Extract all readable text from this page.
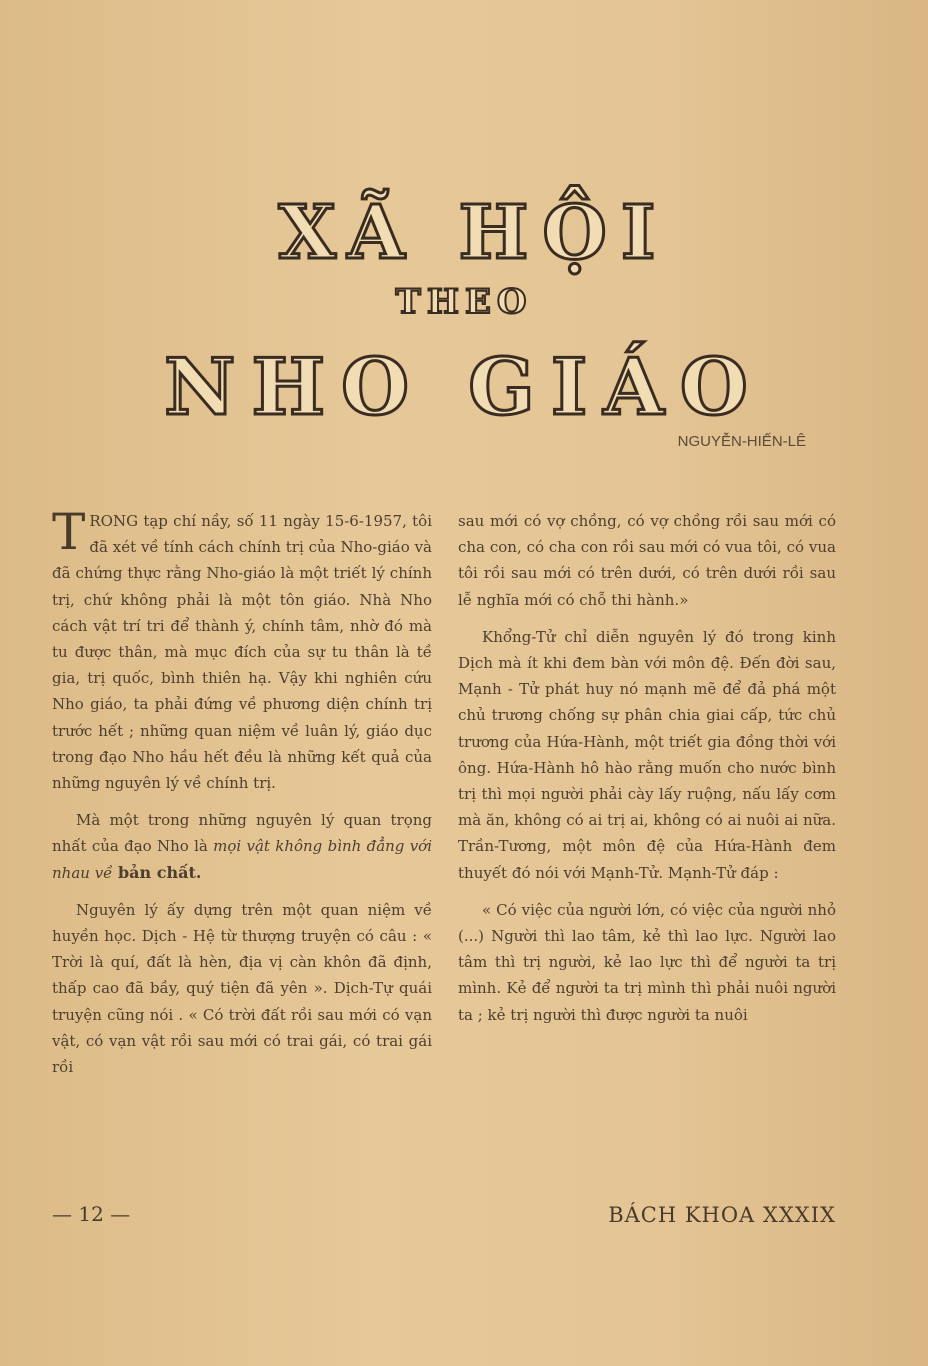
XÃ HỘI
THEO
NHO GIÁO
NGUYỄN-HIẾN-LÊ

TRONG tạp chí nầy, số 11 ngày 15-6-1957, tôi đã xét về tính cách chính trị của Nho-giáo và đã chứng thực rằng Nho-giáo là một triết lý chính trị, chứ không phải là một tôn giáo. Nhà Nho cách vật trí tri để thành ý, chính tâm, nhờ đó mà tu được thân, mà mục đích của sự tu thân là tề gia, trị quốc, bình thiên hạ. Vậy khi nghiên cứu Nho giáo, ta phải đứng về phương diện chính trị trước hết ; những quan niệm về luân lý, giáo dục trong đạo Nho hầu hết đều là những kết quả của những nguyên lý về chính trị.

Mà một trong những nguyên lý quan trọng nhất của đạo Nho là mọi vật không bình đẳng với nhau về bản chất.

Nguyên lý ấy dựng trên một quan niệm về huyền học. Dịch - Hệ từ thượng truyện có câu : « Trời là quí, đất là hèn, địa vị càn khôn đã định, thấp cao đã bầy, quý tiện đã yên ». Dịch-Tự quái truyện cũng nói . « Có trời đất rồi sau mới có vạn vật, có vạn vật rồi sau mới có trai gái, có trai gái rồi

sau mới có vợ chồng, có vợ chồng rồi sau mới có cha con, có cha con rồi sau mới có vua tôi, có vua tôi rồi sau mới có trên dưới, có trên dưới rồi sau lễ nghĩa mới có chỗ thi hành.»

Khổng-Tử chỉ diễn nguyên lý đó trong kinh Dịch mà ít khi đem bàn với môn đệ. Đến đời sau, Mạnh - Tử phát huy nó mạnh mẽ để đả phá một chủ trương chống sự phân chia giai cấp, tức chủ trương của Hứa-Hành, một triết gia đồng thời với ông. Hứa-Hành hô hào rằng muốn cho nước bình trị thì mọi người phải cày lấy ruộng, nấu lấy cơm mà ăn, không có ai trị ai, không có ai nuôi ai nữa. Trần-Tương, một môn đệ của Hứa-Hành đem thuyết đó nói với Mạnh-Tử. Mạnh-Tử đáp :

« Có việc của người lớn, có việc của người nhỏ (...) Người thì lao tâm, kẻ thì lao lực. Người lao tâm thì trị người, kẻ lao lực thì để người ta trị mình. Kẻ để người ta trị mình thì phải nuôi người ta ; kẻ trị người thì được người ta nuôi

— 12 —	BÁCH KHOA XXXIX
